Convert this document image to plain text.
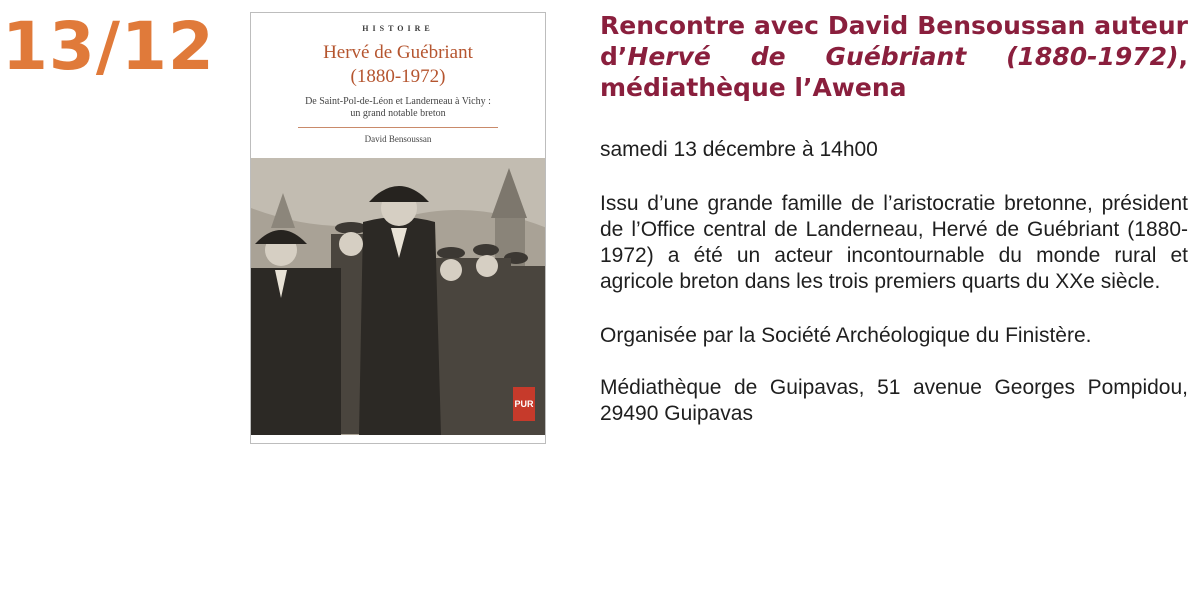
13/12	HISTOIRE
Hervé de Guébriant
(1880-1972)
De Saint-Pol-de-Léon et Landerneau à Vichy :
un grand notable breton
David Bensoussan
PUR
Rencontre avec David Bensoussan auteur d’Hervé de Guébriant (1880-1972), médiathèque l’Awena

samedi 13 décembre à 14h00

Issu d’une grande famille de l’aristocratie bretonne, président de l’Office central de Landerneau, Hervé de Guébriant (1880-1972) a été un acteur incontournable du monde rural et agricole breton dans les trois premiers quarts du XXe siècle.

Organisée par la Société Archéologique du Finistère.

Médiathèque de Guipavas, 51 avenue Georges Pompidou, 29490 Guipavas
